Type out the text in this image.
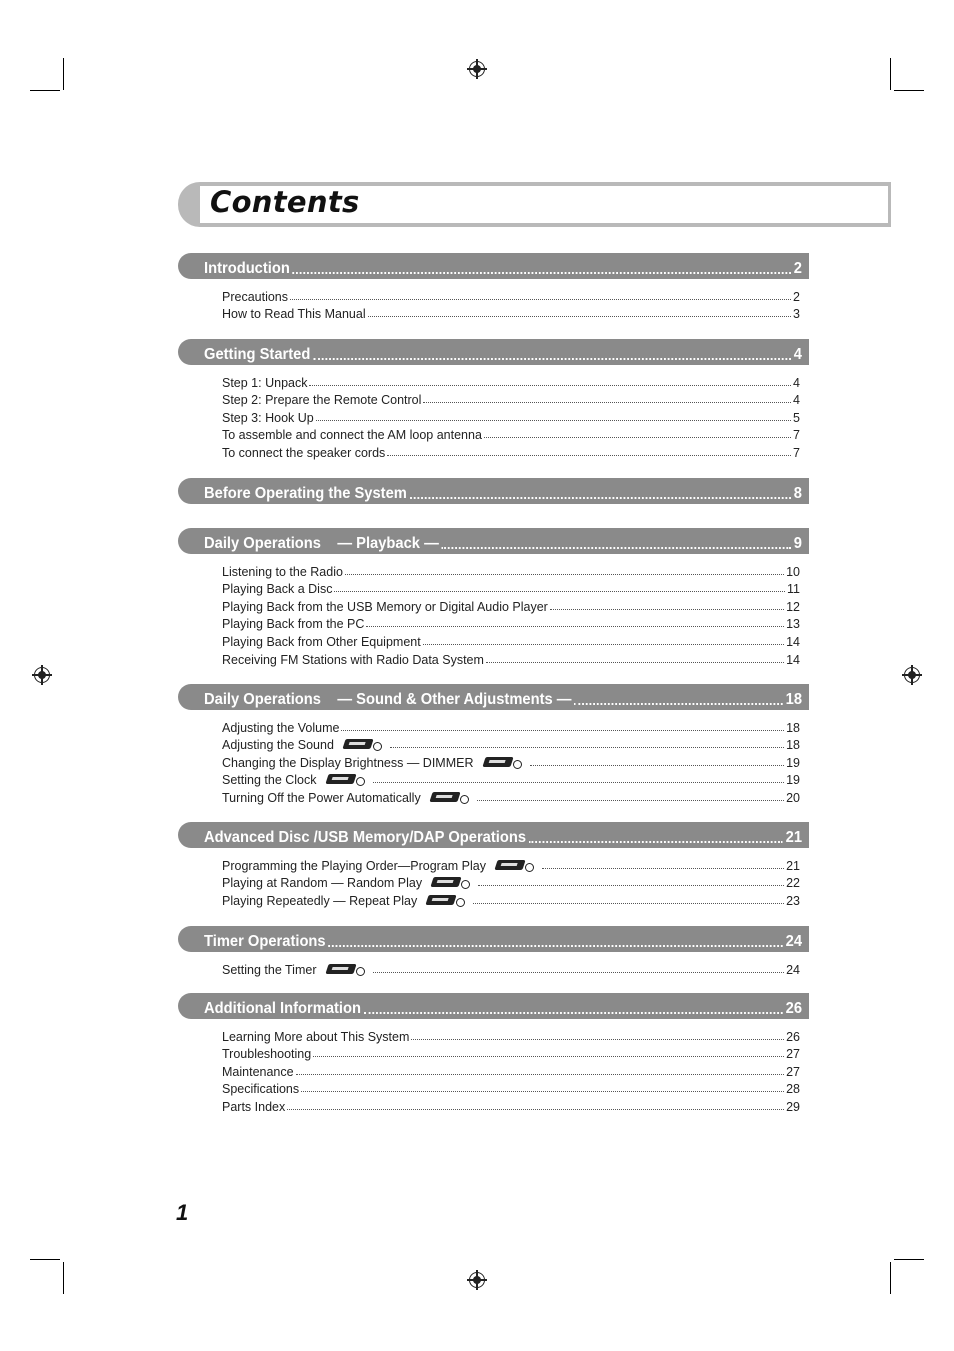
Contents
Introduction	2
Precautions	2
How to Read This Manual	3
Getting Started	4
Step 1: Unpack	4
Step 2: Prepare the Remote Control	4
Step 3: Hook Up	5
To assemble and connect the AM loop antenna	7
To connect the speaker cords	7
Before Operating the System	8
Daily Operations    — Playback —	9
Listening to the Radio	10
Playing Back a Disc	11
Playing Back from the USB Memory or Digital Audio Player	12
Playing Back from the PC	13
Playing Back from Other Equipment	14
Receiving FM Stations with Radio Data System	14
Daily Operations    — Sound & Other Adjustments —	18
Adjusting the Volume	18
Adjusting the Sound	18
Changing the Display Brightness — DIMMER	19
Setting the Clock	19
Turning Off the Power Automatically	20
Advanced Disc /USB Memory/DAP Operations	21
Programming the Playing Order—Program Play	21
Playing at Random — Random Play	22
Playing Repeatedly — Repeat Play	23
Timer Operations	24
Setting the Timer	24
Additional Information	26
Learning More about This System	26
Troubleshooting	27
Maintenance	27
Specifications	28
Parts Index	29
1
